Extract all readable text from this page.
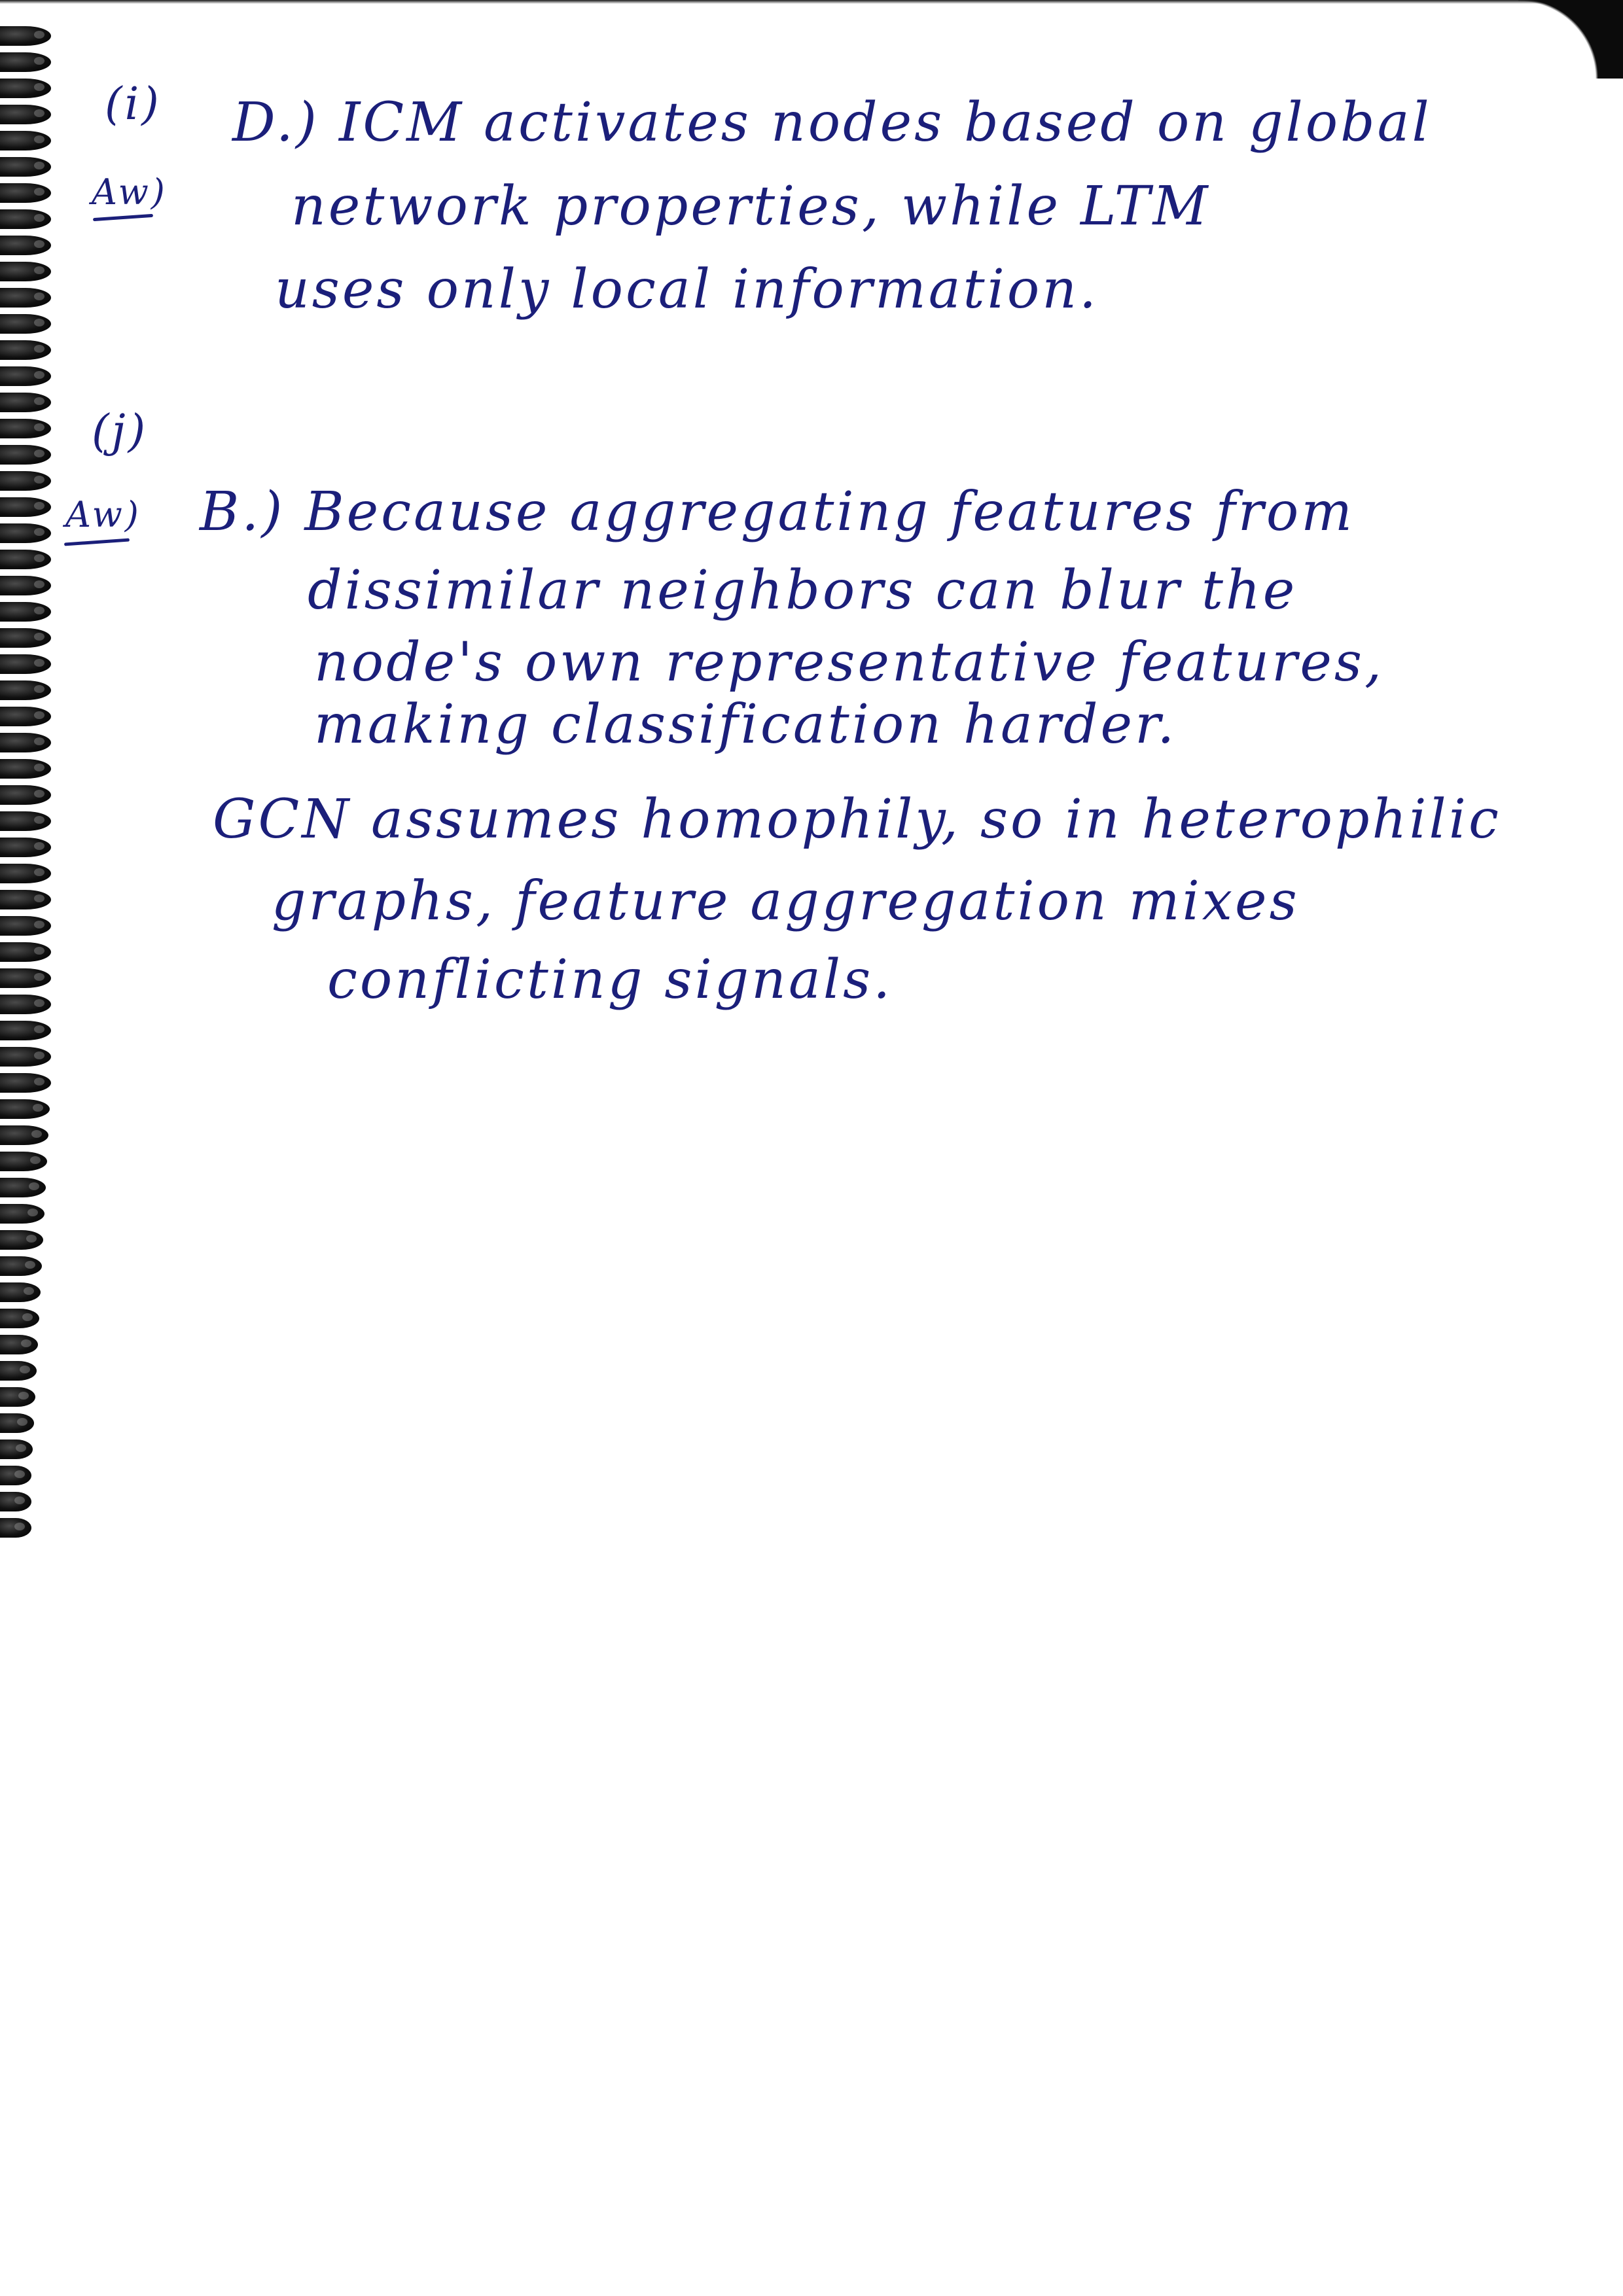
(i)
Aw)
D.) ICM activates nodes based on global
network properties, while LTM
uses only local information.
(j)
Aw) B.) Because aggregating features from
dissimilar neighbors can blur the
node's own representative features,
making classification harder.
GCN assumes homophily, so in heterophilic
graphs, feature aggregation mixes
conflicting signals.
